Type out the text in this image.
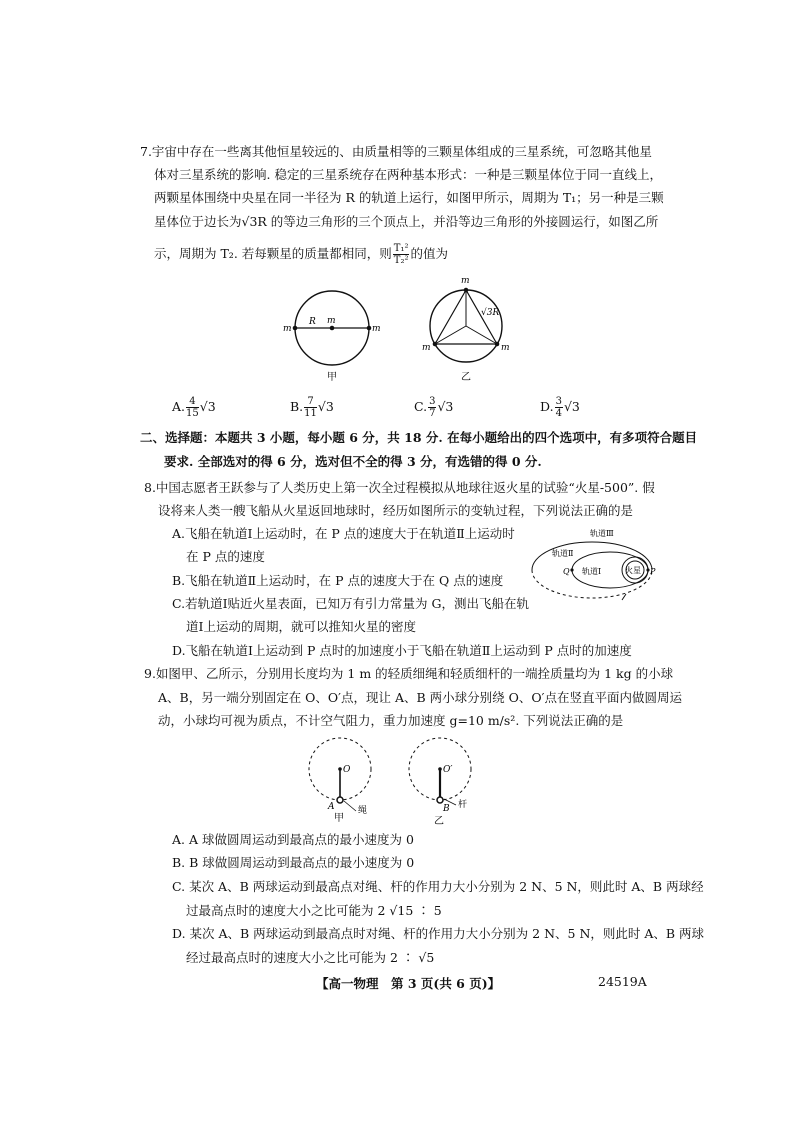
7.宇宙中存在一些离其他恒星较远的、由质量相等的三颗星体组成的三星系统，可忽略其他星
体对三星系统的影响. 稳定的三星系统存在两种基本形式：一种是三颗星体位于同一直线上，
两颗星体围绕中央星在同一半径为 R 的轨道上运行，如图甲所示，周期为 T₁；另一种是三颗
星体位于边长为√3R 的等边三角形的三个顶点上，并沿等边三角形的外接圆运行，如图乙所
示，周期为 T₂. 若每颗星的质量都相同，则 $\frac{\text{T₁²}}{\text{T₂²}}$ 的值为
m
m
m
R
甲
m
m	m
√3R
乙
A. $\frac{4}{15} √3$	B. $\frac{7}{11} √3$	C. $\frac{3}{7} √3$	D. $\frac{3}{4} √3$
二、选择题：本题共 3 小题，每小题 6 分，共 18 分. 在每小题给出的四个选项中，有多项符合题目
要求. 全部选对的得 6 分，选对但不全的得 3 分，有选错的得 0 分.
8.中国志愿者王跃参与了人类历史上第一次全过程模拟从地球往返火星的试验“火星-500”. 假
设将来人类一艘飞船从火星返回地球时，经历如图所示的变轨过程，下列说法正确的是
A.飞船在轨道Ⅰ上运动时，在 P 点的速度大于在轨道Ⅱ上运动时
在 P 点的速度
B.飞船在轨道Ⅱ上运动时，在 P 点的速度大于在 Q 点的速度
C.若轨道Ⅰ贴近火星表面，已知万有引力常量为 G，测出飞船在轨
道Ⅰ上运动的周期，就可以推知火星的密度
D.飞船在轨道Ⅰ上运动到 P 点时的加速度小于飞船在轨道Ⅱ上运动到 P 点时的加速度
火星 P
Q
轨道Ⅲ
轨道Ⅱ
轨道Ⅰ
9.如图甲、乙所示，分别用长度均为 1 m 的轻质细绳和轻质细杆的一端拴质量均为 1 kg 的小球
A、B，另一端分别固定在 O、O′点，现让 A、B 两小球分别绕 O、O′点在竖直平面内做圆周运
动，小球均可视为质点，不计空气阻力，重力加速度 g=10 m/s². 下列说法正确的是
O
A	绳
甲
O′
B 杆
乙
A. A 球做圆周运动到最高点的最小速度为 0
B. B 球做圆周运动到最高点的最小速度为 0
C. 某次 A、B 两球运动到最高点对绳、杆的作用力大小分别为 2 N、5 N，则此时 A、B 两球经
过最高点时的速度大小之比可能为 2 √15 ∶ 5
D. 某次 A、B 两球运动到最高点时对绳、杆的作用力大小分别为 2 N、5 N，则此时 A、B 两球
经过最高点时的速度大小之比可能为 2 ∶ √5
【高一物理　第 3 页(共 6 页)】	24519A
